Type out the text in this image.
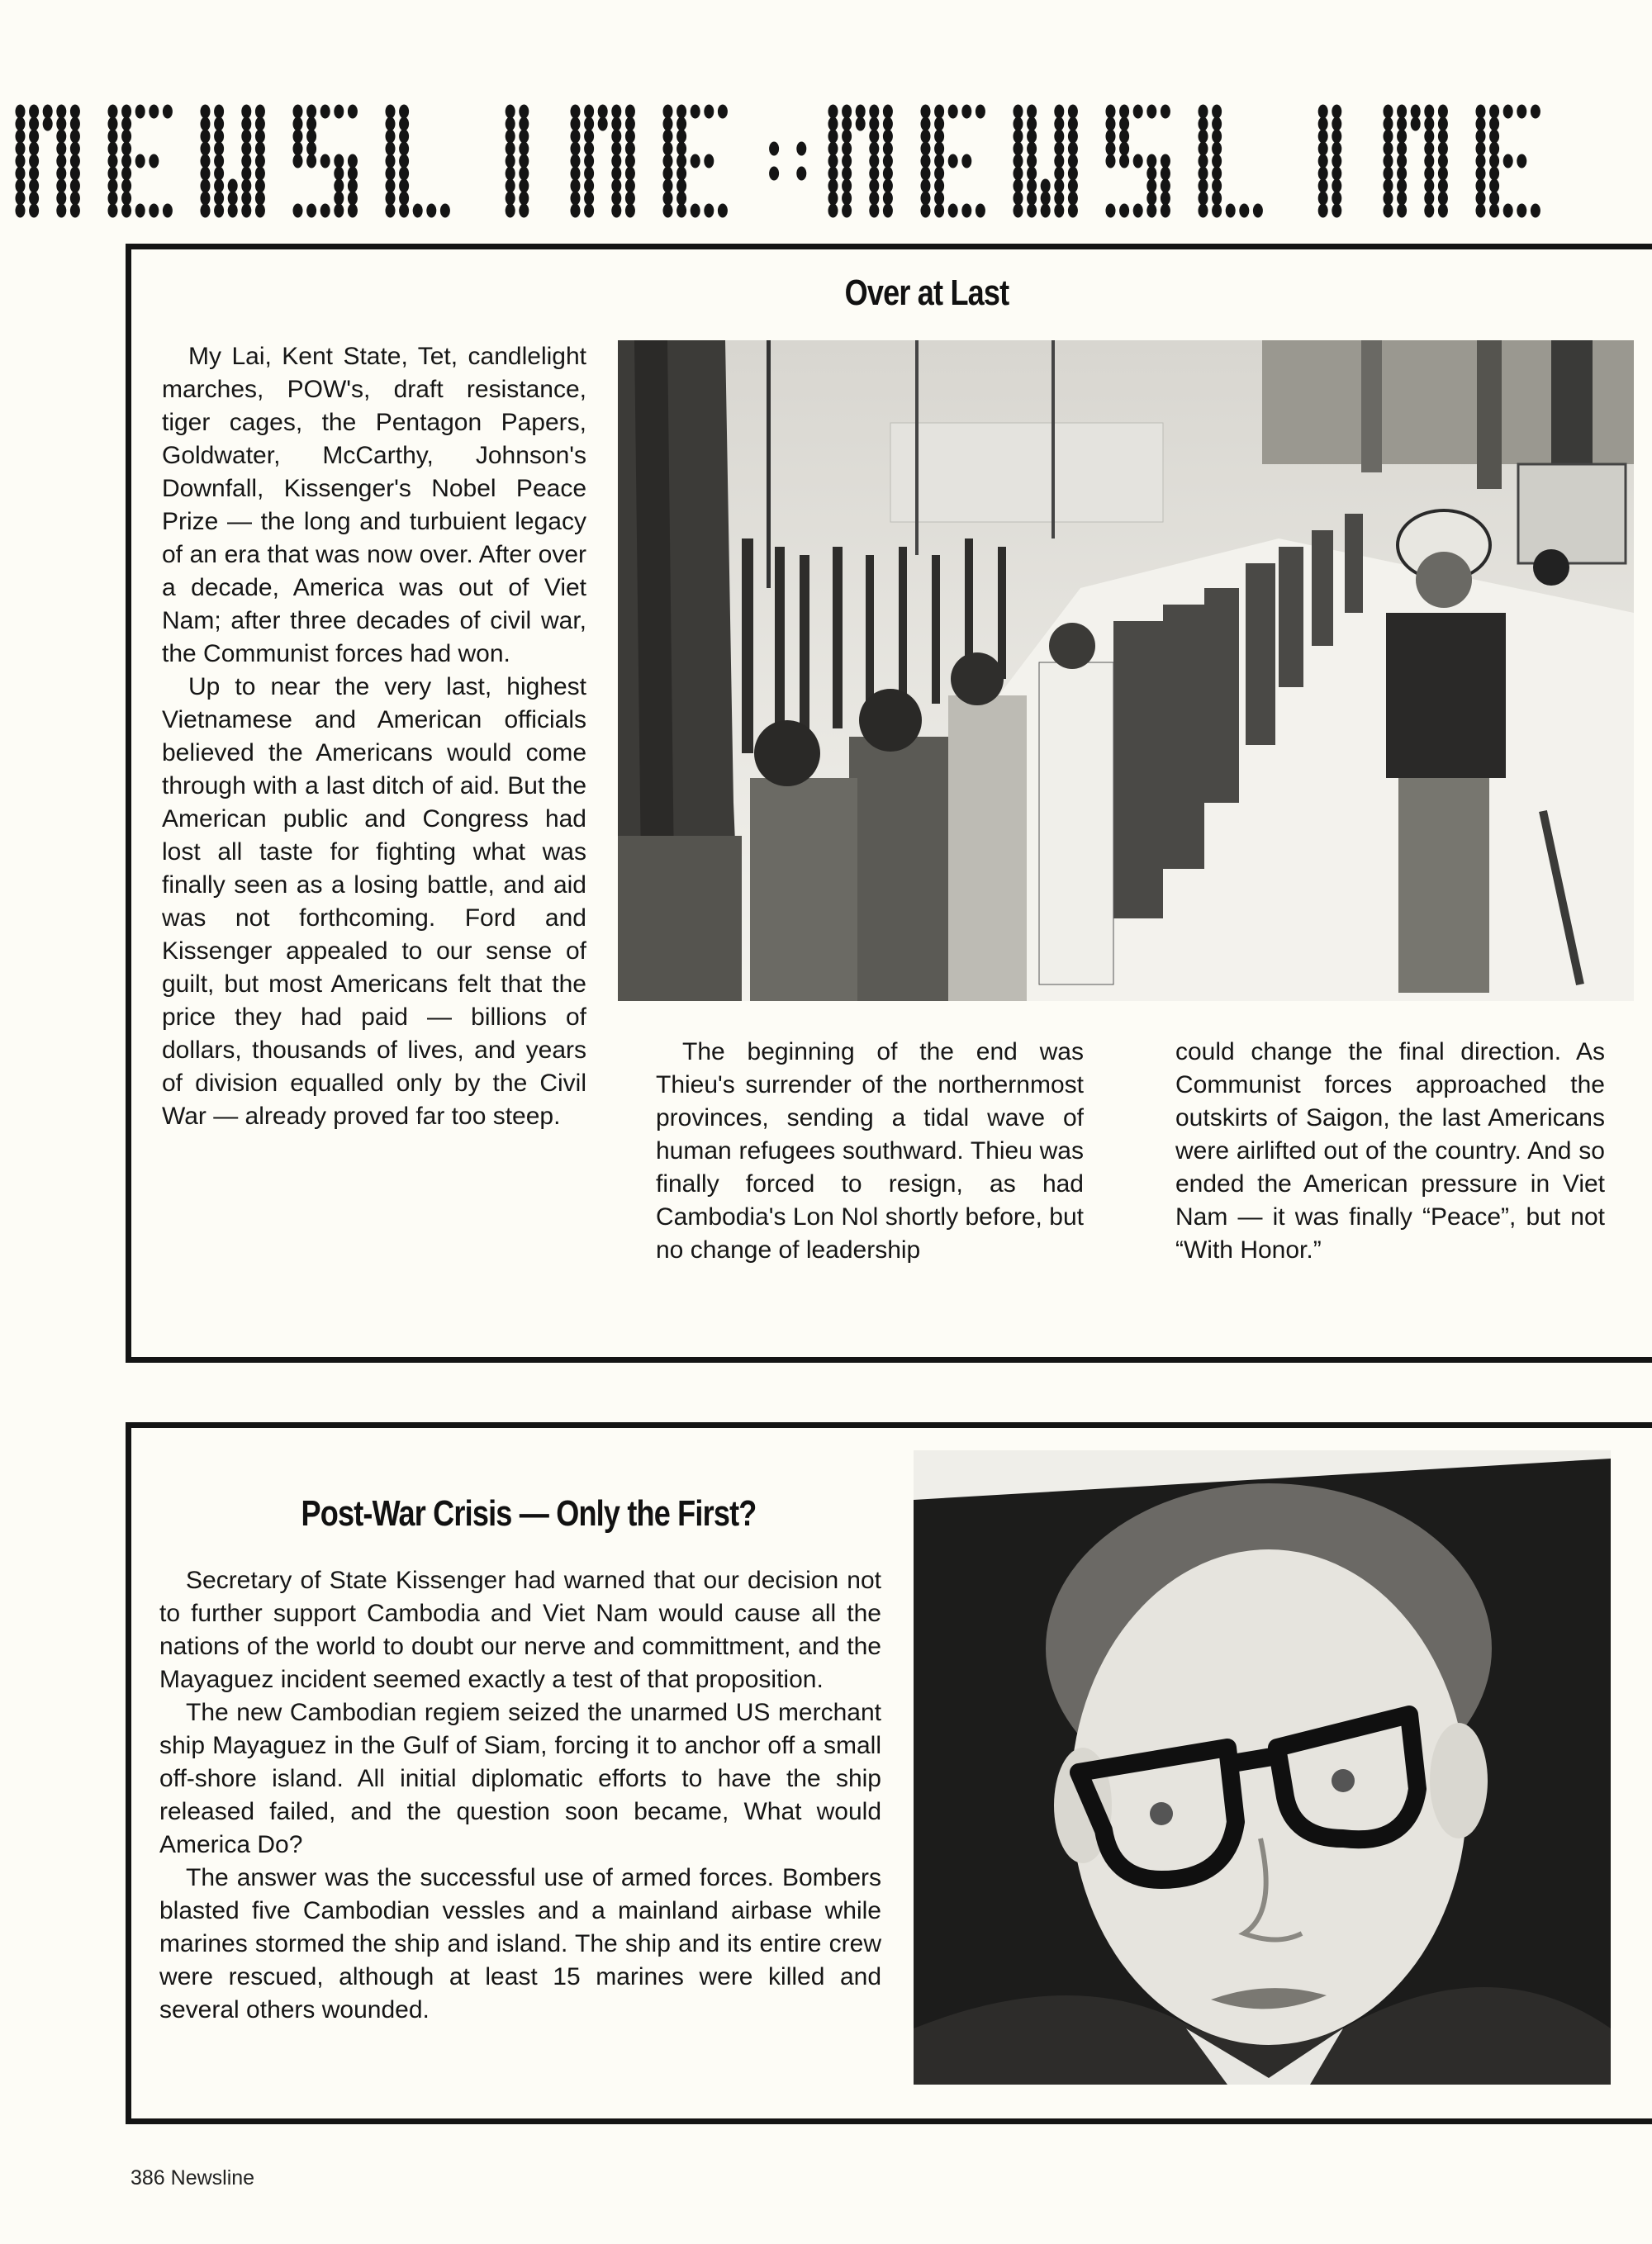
Over at Last

My Lai, Kent State, Tet, candlelight marches, POW's, draft resistance, tiger cages, the Pentagon Papers, Goldwater, McCarthy, Johnson's Downfall, Kissenger's Nobel Peace Prize — the long and turbuient legacy of an era that was now over. After over a decade, America was out of Viet Nam; after three decades of civil war, the Communist forces had won.

Up to near the very last, highest Vietnamese and American officials believed the Americans would come through with a last ditch of aid. But the American public and Congress had lost all taste for fighting what was finally seen as a losing battle, and aid was not forthcoming. Ford and Kissenger appealed to our sense of guilt, but most Americans felt that the price they had paid — billions of dollars, thousands of lives, and years of division equalled only by the Civil War — already proved far too steep.

The beginning of the end was Thieu's surrender of the northernmost provinces, sending a tidal wave of human refugees southward. Thieu was finally forced to resign, as had Cambodia's Lon Nol shortly before, but no change of leadership

could change the final direction. As Communist forces approached the outskirts of Saigon, the last Americans were airlifted out of the country. And so ended the American pressure in Viet Nam — it was finally “Peace”, but not “With Honor.”

Post-War Crisis — Only the First?

Secretary of State Kissenger had warned that our decision not to further support Cambodia and Viet Nam would cause all the nations of the world to doubt our nerve and committment, and the Mayaguez incident seemed exactly a test of that proposition.

The new Cambodian regiem seized the unarmed US merchant ship Mayaguez in the Gulf of Siam, forcing it to anchor off a small off-shore island. All initial diplomatic efforts to have the ship released failed, and the question soon became, What would America Do?

The answer was the successful use of armed forces. Bombers blasted five Cambodian vessles and a mainland airbase while marines stormed the ship and island. The ship and its entire crew were rescued, although at least 15 marines were killed and several others wounded.

386 Newsline
